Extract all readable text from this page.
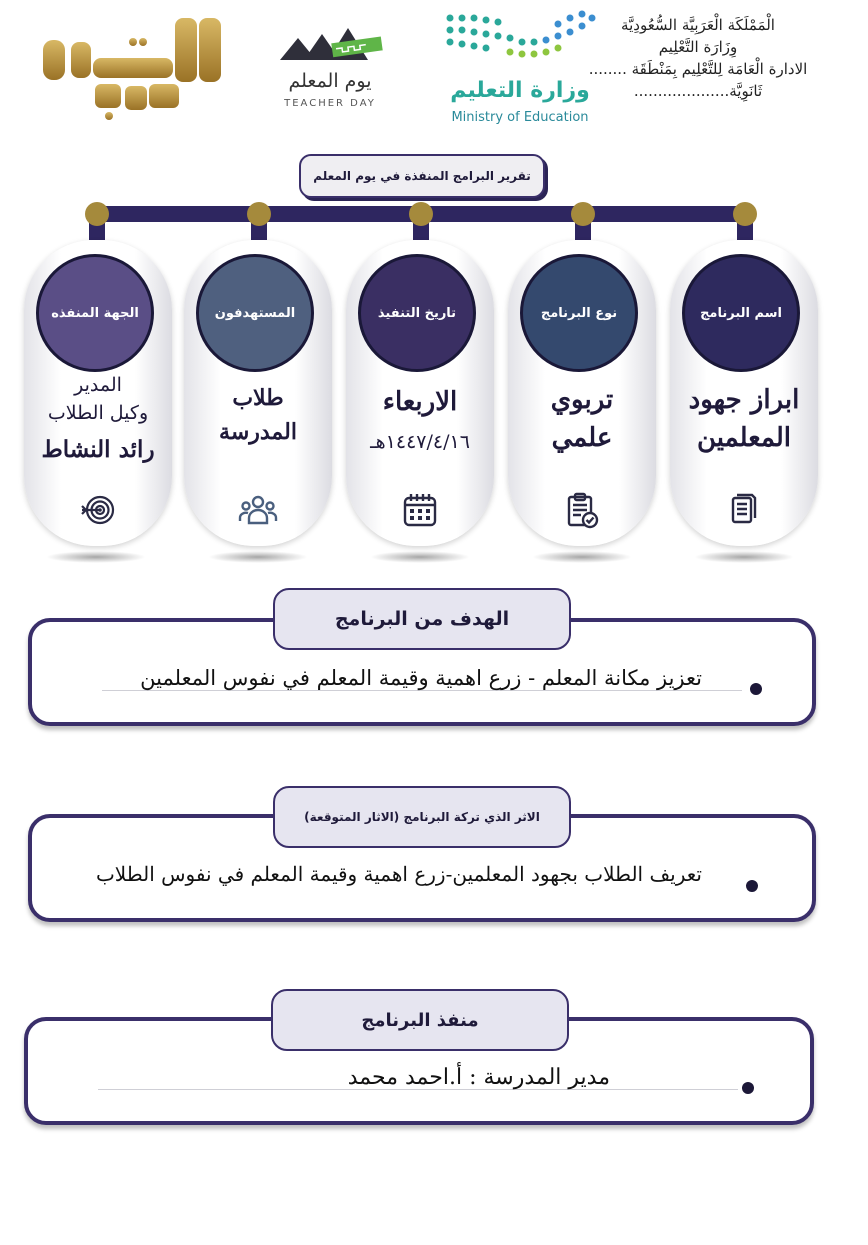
الْمَمْلَكَة الْعَرَبِيَّة السُّعُودِيَّة
وِزَارَة التَّعْلِيم
الادارة الْعَامَة لِلتَّعْلِيم بِمَنْطَقَة ........
ثَانَوِيَّة....................
وزارة التعليم
Ministry of Education
يوم المعلم
TEACHER DAY
تقرير البرامج المنفذة في يوم المعلم
اسم البرنامج
ابراز جهود
المعلمين
نوع البرنامج
تربوي
علمي
تاريخ التنفيذ
الاربعاء
١٤٤٧/٤/١٦هـ
المستهدفون
طلاب
المدرسة
الجهة المنفذه
المدير
وكيل الطلاب
رائد النشاط
تعزيز مكانة المعلم - زرع اهمية وقيمة المعلم في نفوس المعلمين
الهدف من البرنامج
تعريف الطلاب بجهود المعلمين-زرع اهمية وقيمة المعلم في نفوس الطلاب
الاثر الذي تركة البرنامج (الاثار المتوقعة)
مدير المدرسة : أ.احمد محمد
منفذ البرنامج
